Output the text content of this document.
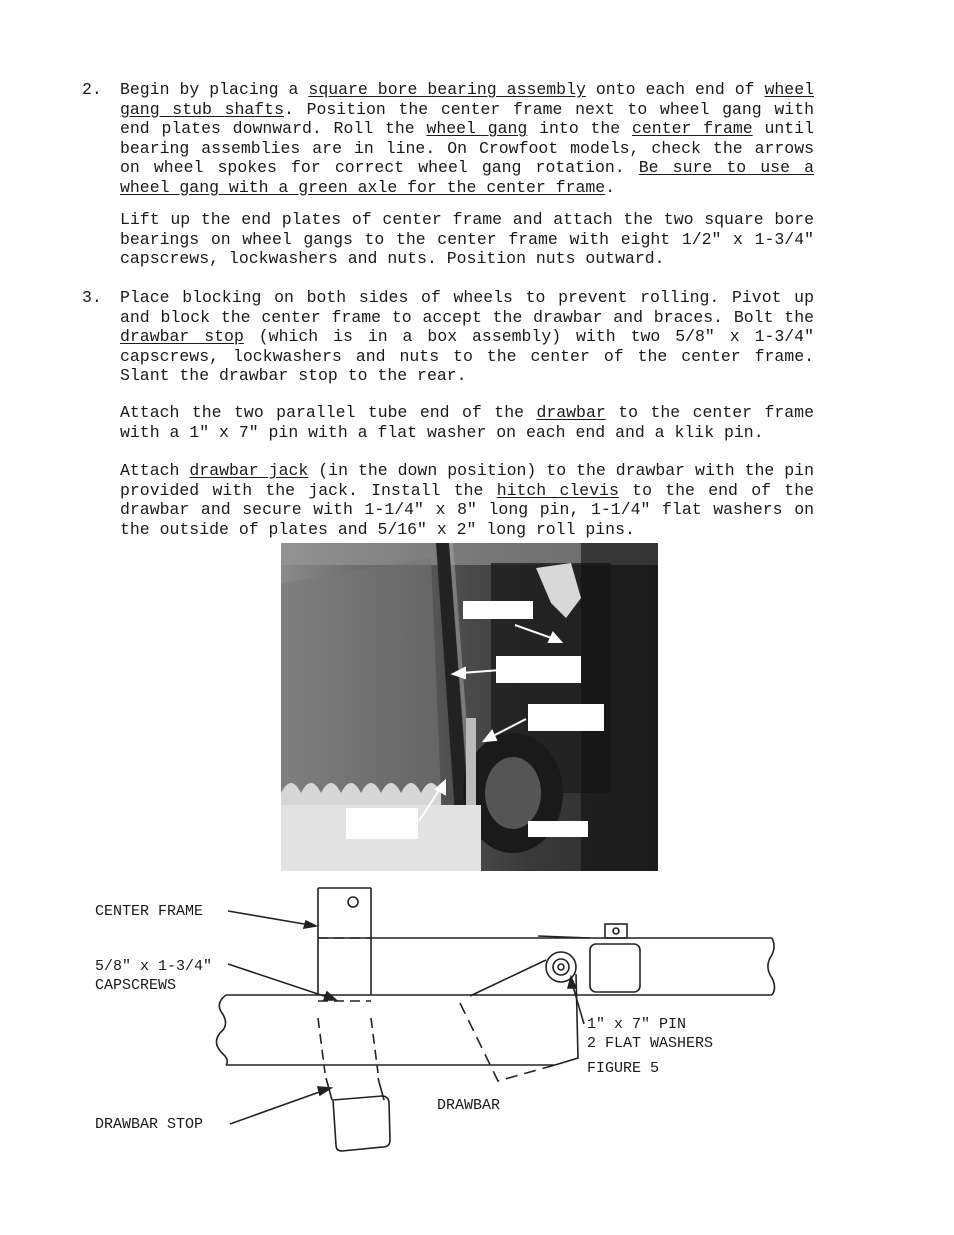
2. Begin by placing a square bore bearing assembly onto each end of wheel gang stub shafts. Position the center frame next to wheel gang with end plates downward. Roll the wheel gang into the center frame until bearing assemblies are in line. On Crowfoot models, check the arrows on wheel spokes for correct wheel gang rotation. Be sure to use a wheel gang with a green axle for the center frame.
Lift up the end plates of center frame and attach the two square bore bearings on wheel gangs to the center frame with eight 1/2" x 1-3/4" capscrews, lockwashers and nuts. Position nuts outward.
3. Place blocking on both sides of wheels to prevent rolling. Pivot up and block the center frame to accept the drawbar and braces. Bolt the drawbar stop (which is in a box assembly) with two 5/8" x 1-3/4" capscrews, lockwashers and nuts to the center of the center frame. Slant the drawbar stop to the rear.
Attach the two parallel tube end of the drawbar to the center frame with a 1" x 7" pin with a flat washer on each end and a klik pin.
Attach drawbar jack (in the down position) to the drawbar with the pin provided with the jack. Install the hitch clevis to the end of the drawbar and secure with 1-1/4" x 8" long pin, 1-1/4" flat washers on the outside of plates and 5/16" x 2" long roll pins.
CENTER FRAME
5/8" x 1-3/4"
CAPSCREWS
DRAWBAR STOP
DRAWBAR
1" x 7" PIN
2 FLAT WASHERS
FIGURE 5
